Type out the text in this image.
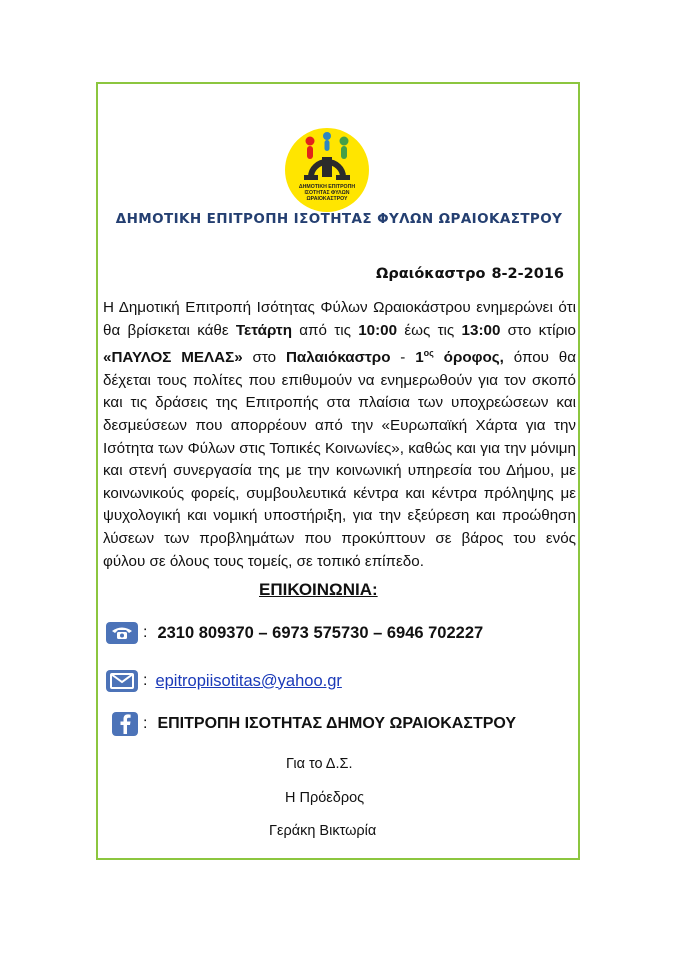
ΔΗΜΟΤΙΚΗ ΕΠΙΤΡΟΠΗ
ΙΣΟΤΗΤΑΣ ΦΥΛΩΝ
ΩΡΑΙΟΚΑΣΤΡΟΥ
ΔΗΜΟΤΙΚΗ ΕΠΙΤΡΟΠΗ ΙΣΟΤΗΤΑΣ ΦΥΛΩΝ ΩΡΑΙΟΚΑΣΤΡΟΥ
Ωραιόκαστρο 8-2-2016

Η Δημοτική Επιτροπή Ισότητας Φύλων Ωραιοκάστρου ενημερώνει ότι θα βρίσκεται κάθε Τετάρτη από τις 10:00 έως τις 13:00 στο κτίριο «ΠΑΥΛΟΣ ΜΕΛΑΣ» στο Παλαιόκαστρο - $1^{o\varsigma}$ όροφος, όπου θα δέχεται τους πολίτες που επιθυμούν να ενημερωθούν για τον σκοπό και τις δράσεις της Επιτροπής στα πλαίσια των υποχρεώσεων και δεσμεύσεων που απορρέουν από την «Ευρωπαϊκή Χάρτα για την Ισότητα των Φύλων στις Τοπικές Κοινωνίες», καθώς και για την μόνιμη και στενή συνεργασία της με την κοινωνική υπηρεσία του Δήμου, με κοινωνικούς φορείς, συμβουλευτικά κέντρα και κέντρα πρόληψης με ψυχολογική και νομική υποστήριξη, για την εξεύρεση και προώθηση λύσεων των προβλημάτων που προκύπτουν σε βάρος του ενός φύλου σε όλους τους τομείς, σε τοπικό επίπεδο.

ΕΠΙΚΟΙΝΩΝΙΑ:
: 2310 809370 – 6973 575730 – 6946 702227
: epitropiisotitas@yahoo.gr
: ΕΠΙΤΡΟΠΗ ΙΣΟΤΗΤΑΣ ΔΗΜΟΥ ΩΡΑΙΟΚΑΣΤΡΟΥ
Για το Δ.Σ.
Η Πρόεδρος
Γεράκη Βικτωρία
